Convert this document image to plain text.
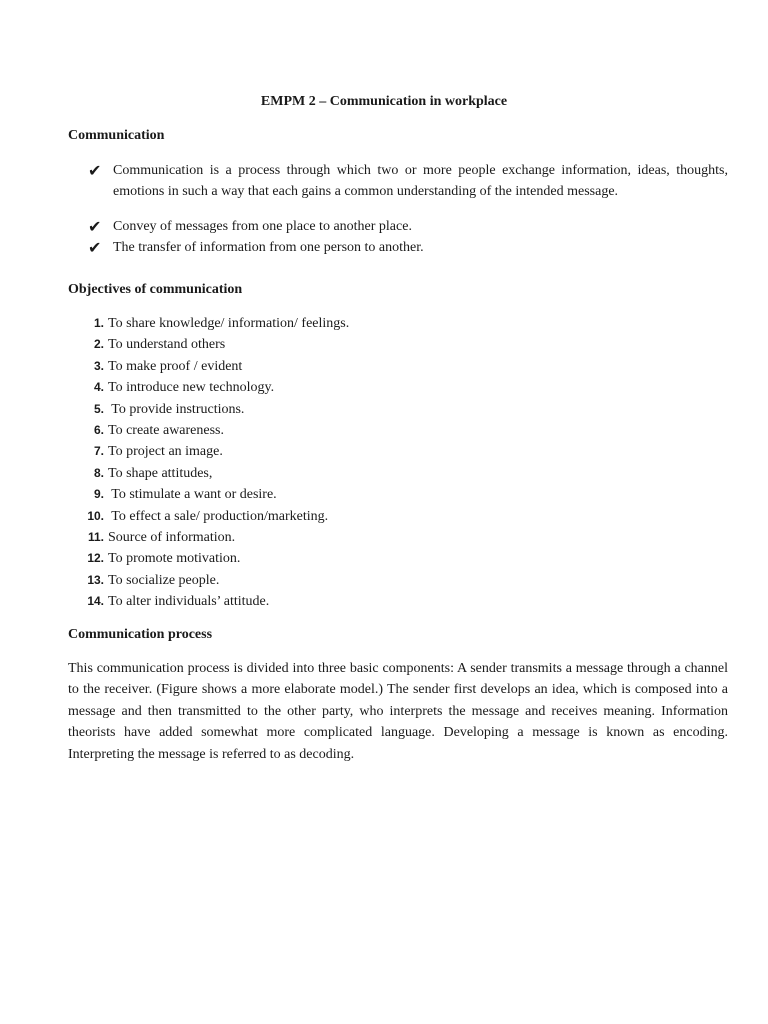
EMPM 2 – Communication in workplace
Communication
✔ Communication is a process through which two or more people exchange information, ideas, thoughts, emotions in such a way that each gains a common understanding of the intended message.
✔ Convey of messages from one place to another place.
✔ The transfer of information from one person to another.
Objectives of communication
1. To share knowledge/ information/ feelings.
2. To understand others
3. To make proof / evident
4. To introduce new technology.
5. To provide instructions.
6. To create awareness.
7. To project an image.
8. To shape attitudes,
9. To stimulate a want or desire.
10. To effect a sale/ production/marketing.
11. Source of information.
12. To promote motivation.
13. To socialize people.
14. To alter individuals’ attitude.
Communication process

This communication process is divided into three basic components: A sender transmits a message through a channel to the receiver. (Figure shows a more elaborate model.) The sender first develops an idea, which is composed into a message and then transmitted to the other party, who interprets the message and receives meaning. Information theorists have added somewhat more complicated language. Developing a message is known as encoding. Interpreting the message is referred to as decoding.
